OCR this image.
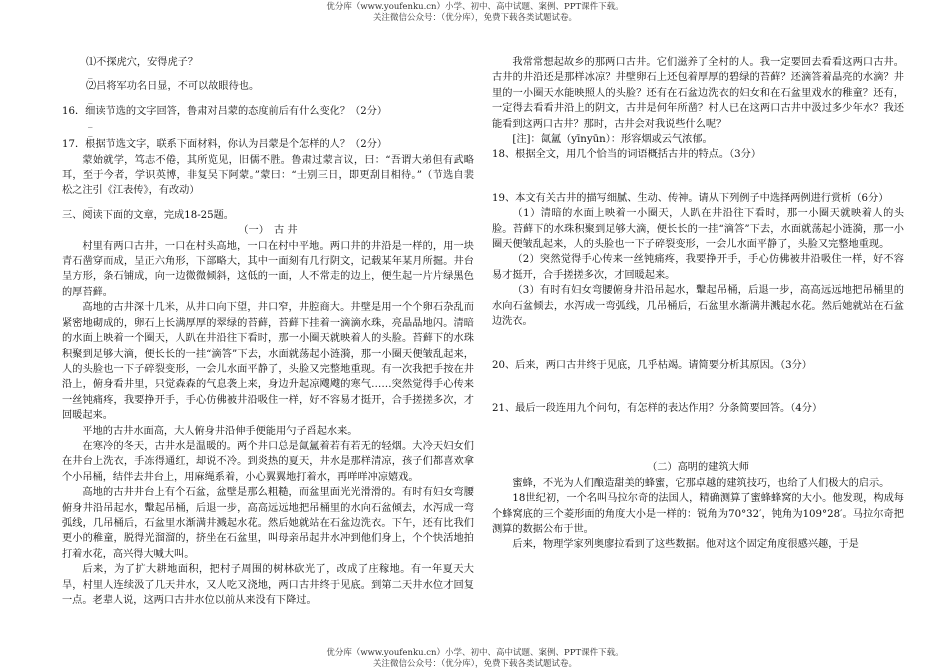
优分库（www.youfenku.cn）小学、初中、高中试题、案例、PPT课件下载。
关注微信公众号：（优分库），免费下载各类试题试卷。

⑴不探虎穴，安得虎子？

_

⑵吕将军功名日显，不可以故眼待也。

_

16．细读节选的文字回答，鲁肃对吕蒙的态度前后有什么变化？（2分）

_
_

17．根据节选文字，联系下面材料，你认为吕蒙是个怎样的人？（2分）

蒙始就学，笃志不倦，其所览见，旧儒不胜。鲁肃过蒙言议，曰：“吾谓大弟但有武略耳，至于今者，学识英博，非复吴下阿蒙。”蒙曰：“士别三日，即更刮目相待。”（节选自裴松之注引《江表传》，有改动）

_

三、阅读下面的文章，完成18-25题。

（一）　古 井

村里有两口古井，一口在村头高地，一口在村中平地。两口井的井沿是一样的，用一块青石凿穿而成，呈正六角形，下部略大，其中一面刻有几行阴文，记载某年某月所掘。井台呈方形，条石铺成，向一边微微倾斜，这低的一面，人不常走的边上，便生起一片片绿黑色的厚苔藓。

高地的古井深十几米，从井口向下望，井口窄，井腔商大。井壁是用一个个卵石杂乱而紧密地砌成的，卵石上长满厚厚的翠绿的苔藓，苔藓下挂着一滴滴水珠，亮晶晶地闪。清暗的水面上映着一个圈天，人趴在井沿往下看时，那一小圈天就映着人的头脸。苔藓下的水珠积聚到足够大滴，便长长的一挂“滴答”下去，水面就荡起小涟漪，那一小圈天便皱乱起来，人的头脸也一下子碎裂变形，一会儿水面平静了，头脸又完整地重现。有一次我把手按在井沿上，俯身看井里，只觉森森的气息袭上来，身边升起凉飕飕的寒气……突然觉得手心传来一丝钝痛疼，我要挣开手，手心仿佛被井沿吸住一样，好不容易才挺开，合手搓搓多次，才回暖起来。

平地的古井水面高，大人俯身井沿伸手便能用勺子舀起水来。

在寒冷的冬天，古井水是温暖的。两个井口总是氤氲着若有若无的轻烟。大冷天妇女们在井台上洗衣，手冻得通红，却说不冷。到炎热的夏天，井水是那样清凉，孩子们都喜欢拿个小吊桶，结伴去井台上，用麻绳系着，小心翼翼地打着水，再咩咩冲凉嬉戏。

高地的古井井台上有个石盆，盆壁是那么粗糙，而盆里面光光滑滑的。有时有妇女弯腰俯身井沿吊起水，轚起吊桶，后退一步，高高远远地把吊桶里的水向石盆倾去，水泻成一弯弧线，几吊桶后，石盆里水渐满井溅起水花。然后她就站在石盆边洗衣。下午，还有比我们更小的稚童，脱得光溜溜的，挤坐在石盆里，叫母亲吊起井水冲到他们身上，个个快活地拍打着水花，高兴得大喊大叫。

后来，为了扩大耕地面积，把村子周围的树林砍光了，改成了庄稼地。有一年夏天大旱，村里人连续汲了几天井水，又人吃又浇地，两口古井终于见底。到第二天井水位才回复一点。老辈人说，这两口古井水位以前从来没有下降过。

我常常想起故乡的那两口古井。它们滋养了全村的人。我一定要回去看看这两口古井。古井的井沿还是那样冰凉？井壁卵石上还包着厚厚的碧绿的苔藓？还滴答着晶亮的水滴？井里的一小圈天水能映照人的头脸？还有在石盆边洗衣的妇女和在石盆里戏水的稚童？还有，一定得去看看井沿上的阴文，古井是何年所凿？村人已在这两口古井中汲过多少年水？我还能看到这两口古井？那时，古井会对我说些什么呢？

[注]：氤氲（yīnyūn）：形容烟或云气浓郁。

18、根据全文，用几个恰当的词语概括古井的特点。（3分）

19、本文有关古井的描写细腻、生动、传神。请从下列例子中选择两例进行赏析（6分）

（1）清暗的水面上映着一小圈天，人趴在井沿往下看时，那一小圈天就映着人的头脸。苔藓下的水珠积聚到足够大滴，便长长的一挂“滴答”下去，水面就荡起小涟漪，那一小圈天便皱乱起来，人的头脸也一下子碎裂变形，一会儿水面平静了，头脸又完整地重现。

（2）突然觉得手心传来一丝钝痛疼，我要挣开手，手心仿佛被井沿吸住一样，好不容易才挺开，合手搓搓多次，才回暖起来。

（3）有时有妇女弯腰俯身井沿吊起水，轚起吊桶，后退一步，高高远远地把吊桶里的水向石盆倾去，水泻成一弯弧线，几吊桶后，石盆里水渐满井溅起水花。然后她就站在石盆边洗衣。

20、后来，两口古井终于见底，几乎枯竭。请简要分析其原因。（3分）

21、最后一段连用九个问句，有怎样的表达作用？分条简要回答。（4分）

（二）高明的建筑大师

蜜蜂，不光为人们酿造甜美的蜂蜜，它那卓越的建筑技巧，也给了人们极大的启示。

18世纪初，一个名叫马拉尔奇的法国人，精确测算了蜜蜂蜂窝的大小。他发现，构成每个蜂窝底的三个菱形面的角度大小是一样的：锐角为70°32′，钝角为109°28′。马拉尔奇把测算的数据公布于世。

后来，物理学家列奥廖拉看到了这些数据。他对这个固定角度很感兴趣，于是

优分库（www.youfenku.cn）小学、初中、高中试题、案例、PPT课件下载。
关注微信公众号：（优分库），免费下载各类试题试卷。
